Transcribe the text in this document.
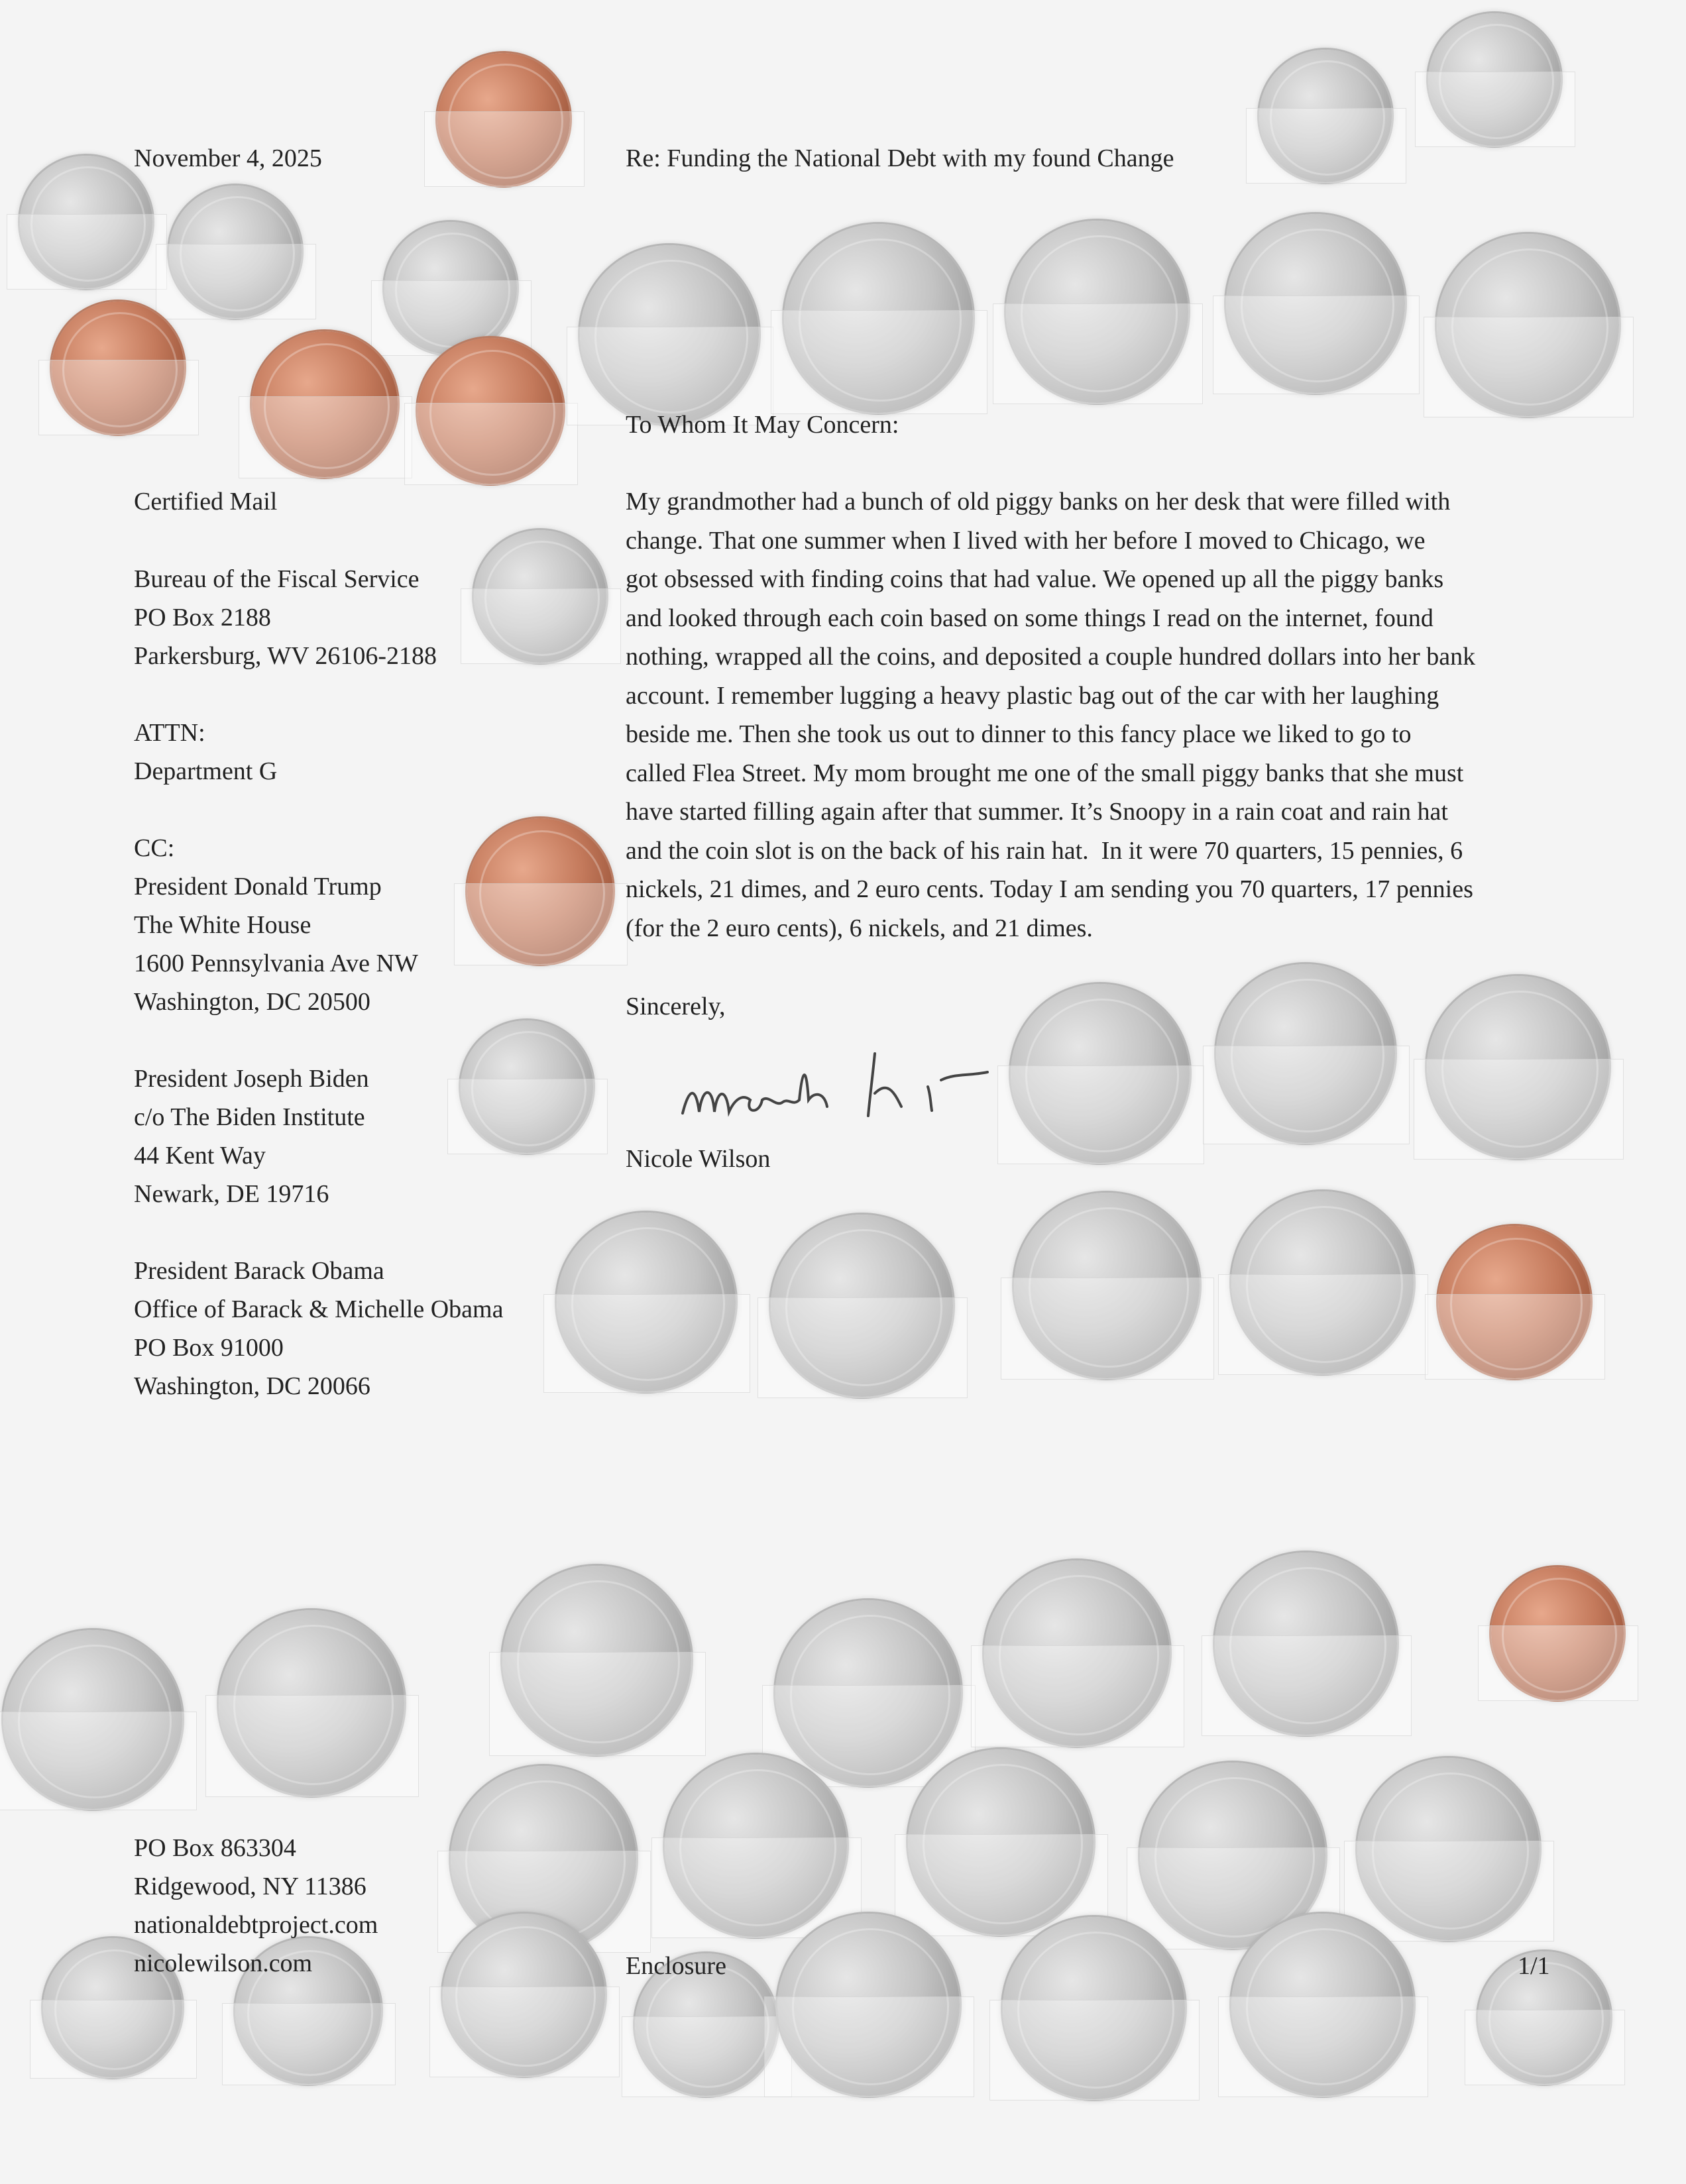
November 4, 2025	Re: Funding the National Debt with my found Change
Certified Mail
Bureau of the Fiscal Service
PO Box 2188
Parkersburg, WV 26106-2188
ATTN:
Department G
CC:
President Donald Trump
The White House
1600 Pennsylvania Ave NW
Washington, DC 20500
President Joseph Biden
c/o The Biden Institute
44 Kent Way
Newark, DE 19716
President Barack Obama
Office of Barack & Michelle Obama
PO Box 91000
Washington, DC 20066
To Whom It May Concern:
My grandmother had a bunch of old piggy banks on her desk that were filled with
change. That one summer when I lived with her before I moved to Chicago, we
got obsessed with finding coins that had value. We opened up all the piggy banks
and looked through each coin based on some things I read on the internet, found
nothing, wrapped all the coins, and deposited a couple hundred dollars into her bank
account. I remember lugging a heavy plastic bag out of the car with her laughing
beside me. Then she took us out to dinner to this fancy place we liked to go to
called Flea Street. My mom brought me one of the small piggy banks that she must
have started filling again after that summer. It’s Snoopy in a rain coat and rain hat
and the coin slot is on the back of his rain hat.  In it were 70 quarters, 15 pennies, 6
nickels, 21 dimes, and 2 euro cents. Today I am sending you 70 quarters, 17 pennies
(for the 2 euro cents), 6 nickels, and 21 dimes.
Sincerely,
Nicole Wilson
PO Box 863304
Ridgewood, NY 11386
nationaldebtproject.com
nicolewilson.com	Enclosure	1/1
